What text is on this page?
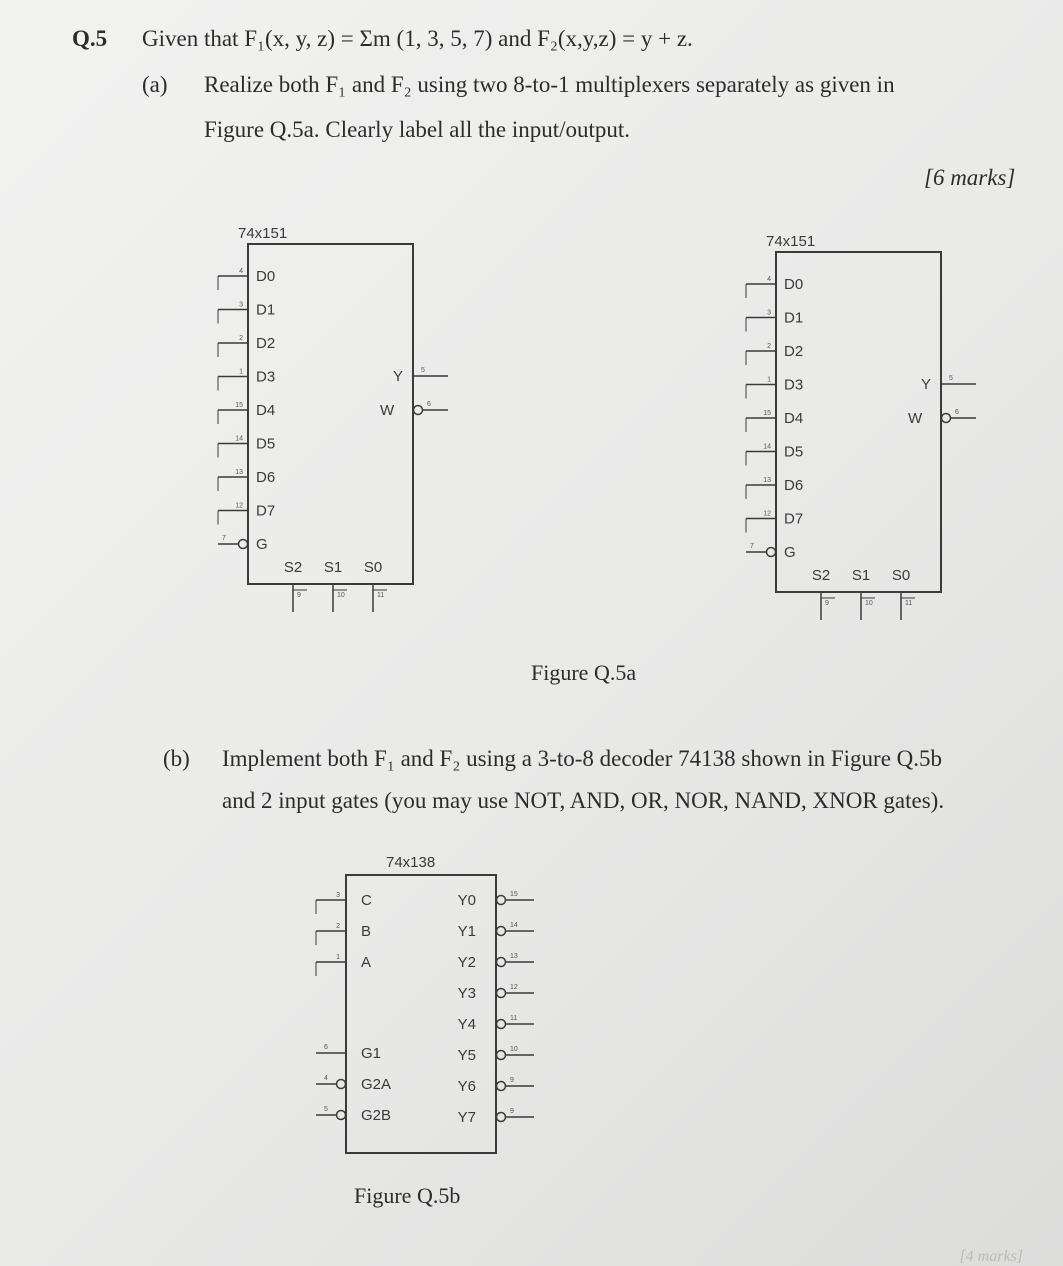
Q.5 Given that F₁(x, y, z) = Σm (1, 3, 5, 7) and F₂(x,y,z) = y + z.
(a) Realize both F₁ and F₂ using two 8-to-1 multiplexers separately as given in
Figure Q.5a. Clearly label all the input/output.
[6 marks]
74x151
4 D0
3 D1
2 D2
1 D3
15 D4
14 D5
13 D6
12 D7
7 G
Y	5
W	6
S2
9
S1
10
S0
11
74x151
4 D0
3 D1
2 D2
1 D3
15 D4
14 D5
13 D6
12 D7
7 G
Y	5
W	6
S2
9
S1
10
S0
11
Figure Q.5a
(b) Implement both F₁ and F₂ using a 3-to-8 decoder 74138 shown in Figure Q.5b
and 2 input gates (you may use NOT, AND, OR, NOR, NAND, XNOR gates).
74x138
3 C
2 B
1 A
6 G1
4 G2A
5 G2B
Y0	15
Y1	14
Y2	13
Y3	12
Y4	11
Y5	10
Y6	9
Y7	9
Figure Q.5b
[4 marks]
